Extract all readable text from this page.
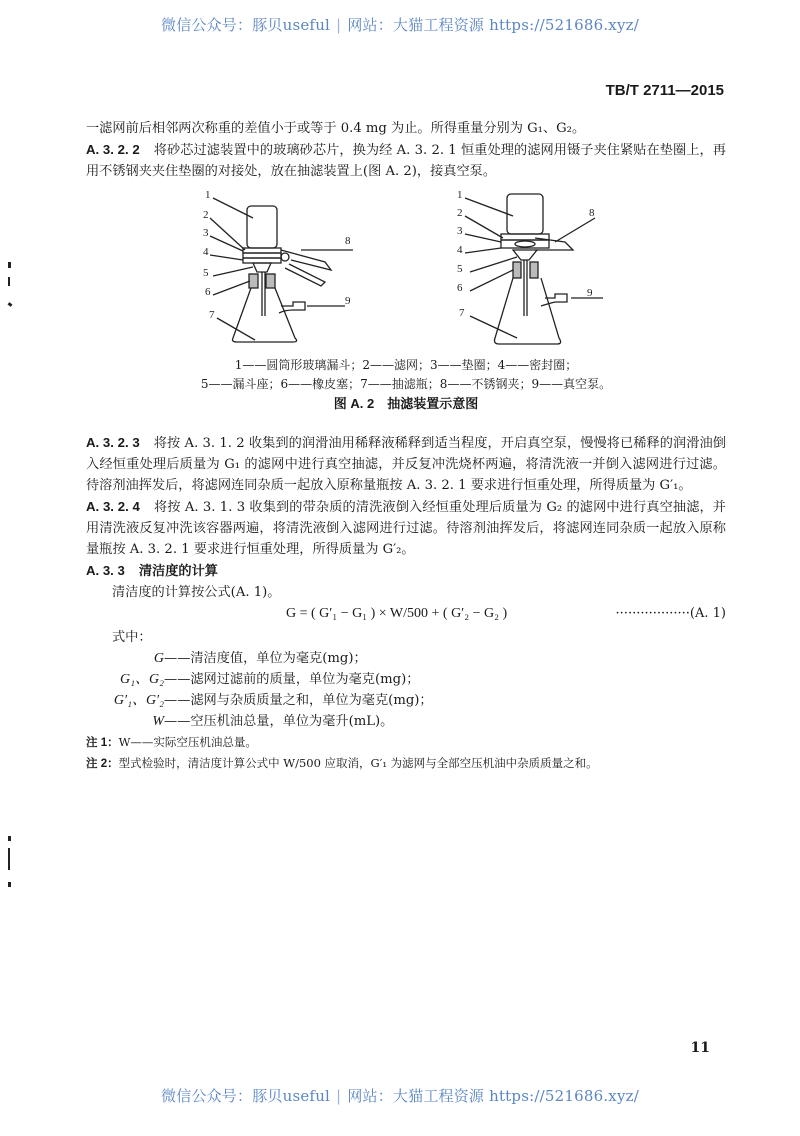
微信公众号：豚贝useful | 网站：大猫工程资源 https://521686.xyz/
TB/T 2711—2015

一滤网前后相邻两次称重的差值小于或等于 0.4 mg 为止。所得重量分别为 G₁、G₂。

A. 3. 2. 2 将砂芯过滤装置中的玻璃砂芯片，换为经 A. 3. 2. 1 恒重处理的滤网用镊子夹住紧贴在垫圈上，再用不锈钢夹夹住垫圈的对接处，放在抽滤装置上(图 A. 2)，接真空泵。

1
2
3
4
5
6
7
8
9
1
2
3
4
5
6
7
8
9
1——圆筒形玻璃漏斗；2——滤网；3——垫圈；4——密封圈；
5——漏斗座；6——橡皮塞；7——抽滤瓶；8——不锈钢夹；9——真空泵。
图 A. 2　抽滤装置示意图

A. 3. 2. 3 将按 A. 3. 1. 2 收集到的润滑油用稀释液稀释到适当程度，开启真空泵，慢慢将已稀释的润滑油倒入经恒重处理后质量为 G₁ 的滤网中进行真空抽滤，并反复冲洗烧杯两遍，将清洗液一并倒入滤网进行过滤。待溶剂油挥发后，将滤网连同杂质一起放入原称量瓶按 A. 3. 2. 1 要求进行恒重处理，所得质量为 G′₁。

A. 3. 2. 4 将按 A. 3. 1. 3 收集到的带杂质的清洗液倒入经恒重处理后质量为 G₂ 的滤网中进行真空抽滤，并用清洗液反复冲洗该容器两遍，将清洗液倒入滤网进行过滤。待溶剂油挥发后，将滤网连同杂质一起放入原称量瓶按 A. 3. 2. 1 要求进行恒重处理，所得质量为 G′₂。

A. 3. 3 清洁度的计算

清洁度的计算按公式(A. 1)。

G = ( G′₁ − G₁ ) × W/500 + ( G′₂ − G₂ )	··················(A. 1)

式中：

G ——清洁度值，单位为毫克(mg)；
G₁、G₂ ——滤网过滤前的质量，单位为毫克(mg)；
G′₁、G′₂ ——滤网与杂质质量之和，单位为毫克(mg)；
W ——空压机油总量，单位为毫升(mL)。
注 1：W——实际空压机油总量。
注 2：型式检验时，清洁度计算公式中 W/500 应取消，G′₁ 为滤网与全部空压机油中杂质质量之和。
11
微信公众号：豚贝useful | 网站：大猫工程资源 https://521686.xyz/
